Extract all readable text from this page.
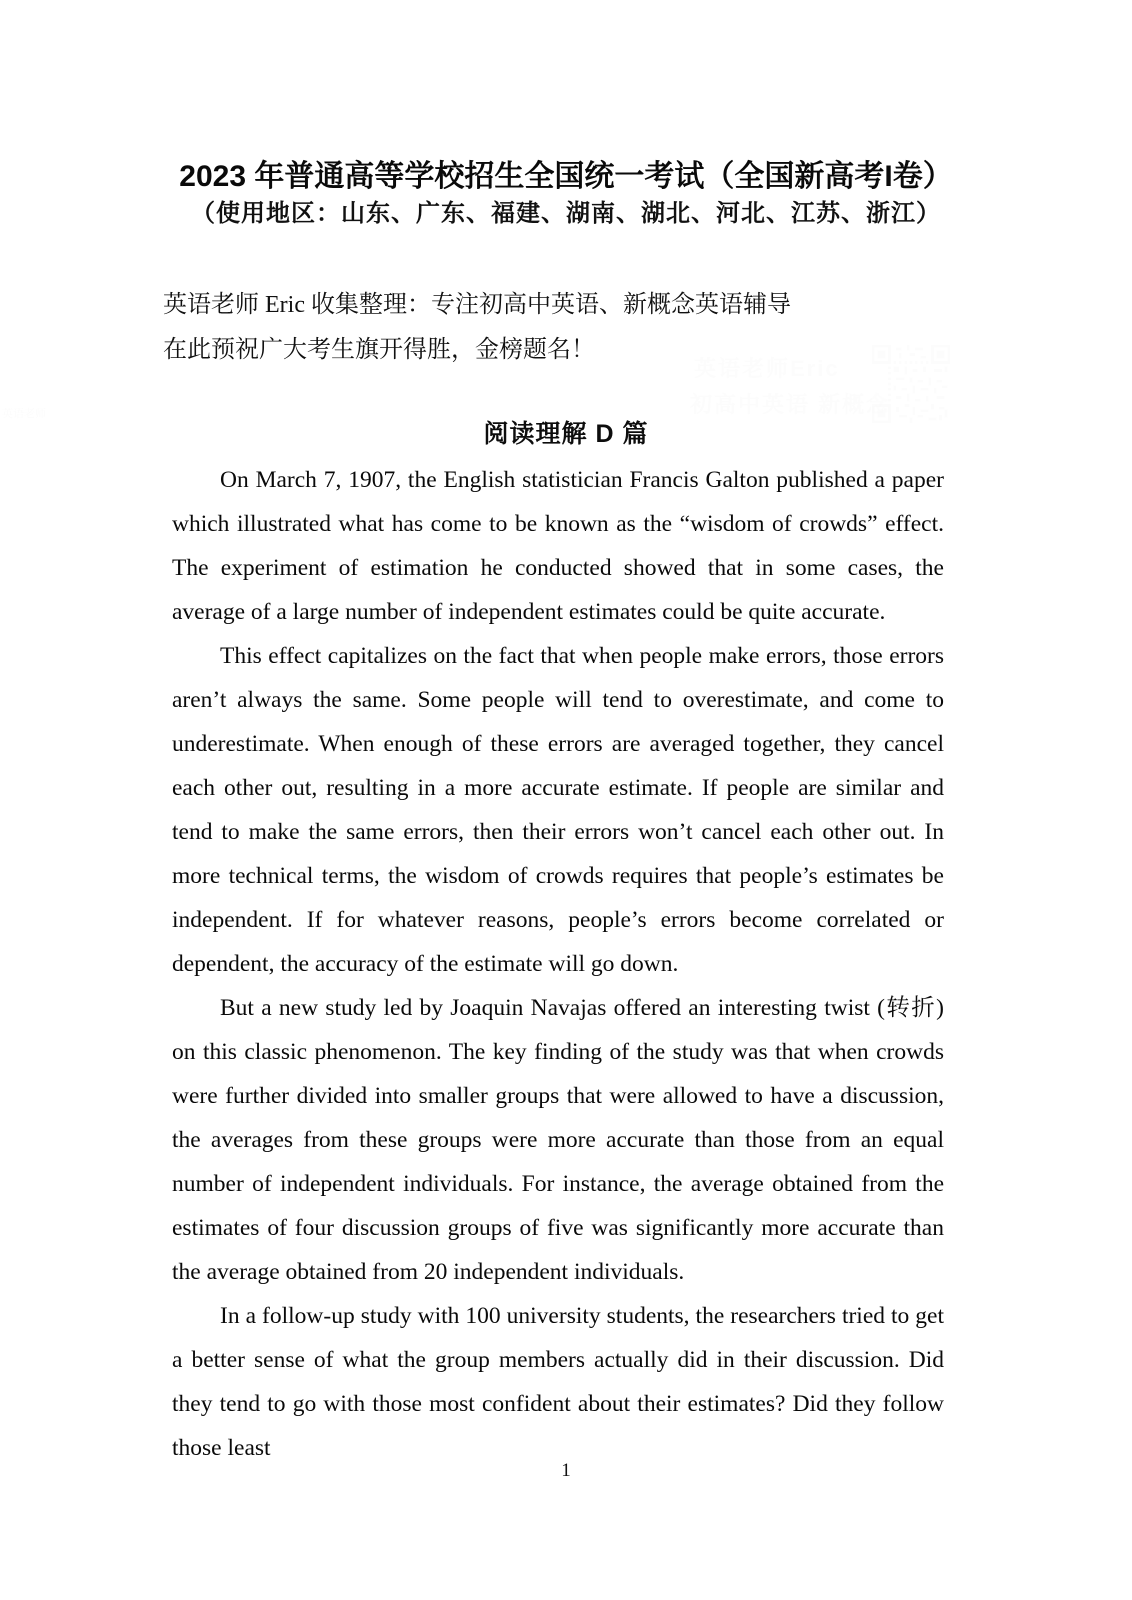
英语老师Eric
初高中英语 新概念
英语老师
2023 年普通高等学校招生全国统一考试（全国新高考I卷）
（使用地区：山东、广东、福建、湖南、湖北、河北、江苏、浙江）
英语老师 Eric 收集整理：专注初高中英语、新概念英语辅导
在此预祝广大考生旗开得胜，金榜题名！
阅读理解 D 篇

On March 7, 1907, the English statistician Francis Galton published a paper which illustrated what has come to be known as the “wisdom of crowds” effect. The experiment of estimation he conducted showed that in some cases, the average of a large number of independent estimates could be quite accurate.

This effect capitalizes on the fact that when people make errors, those errors aren’t always the same. Some people will tend to overestimate, and come to underestimate. When enough of these errors are averaged together, they cancel each other out, resulting in a more accurate estimate. If people are similar and tend to make the same errors, then their errors won’t cancel each other out. In more technical terms, the wisdom of crowds requires that people’s estimates be independent. If for whatever reasons, people’s errors become correlated or dependent, the accuracy of the estimate will go down.

But a new study led by Joaquin Navajas offered an interesting twist (转折) on this classic phenomenon. The key finding of the study was that when crowds were further divided into smaller groups that were allowed to have a discussion, the averages from these groups were more accurate than those from an equal number of independent individuals. For instance, the average obtained from the estimates of four discussion groups of five was significantly more accurate than the average obtained from 20 independent individuals.

In a follow-up study with 100 university students, the researchers tried to get a better sense of what the group members actually did in their discussion. Did they tend to go with those most confident about their estimates? Did they follow those least

1
